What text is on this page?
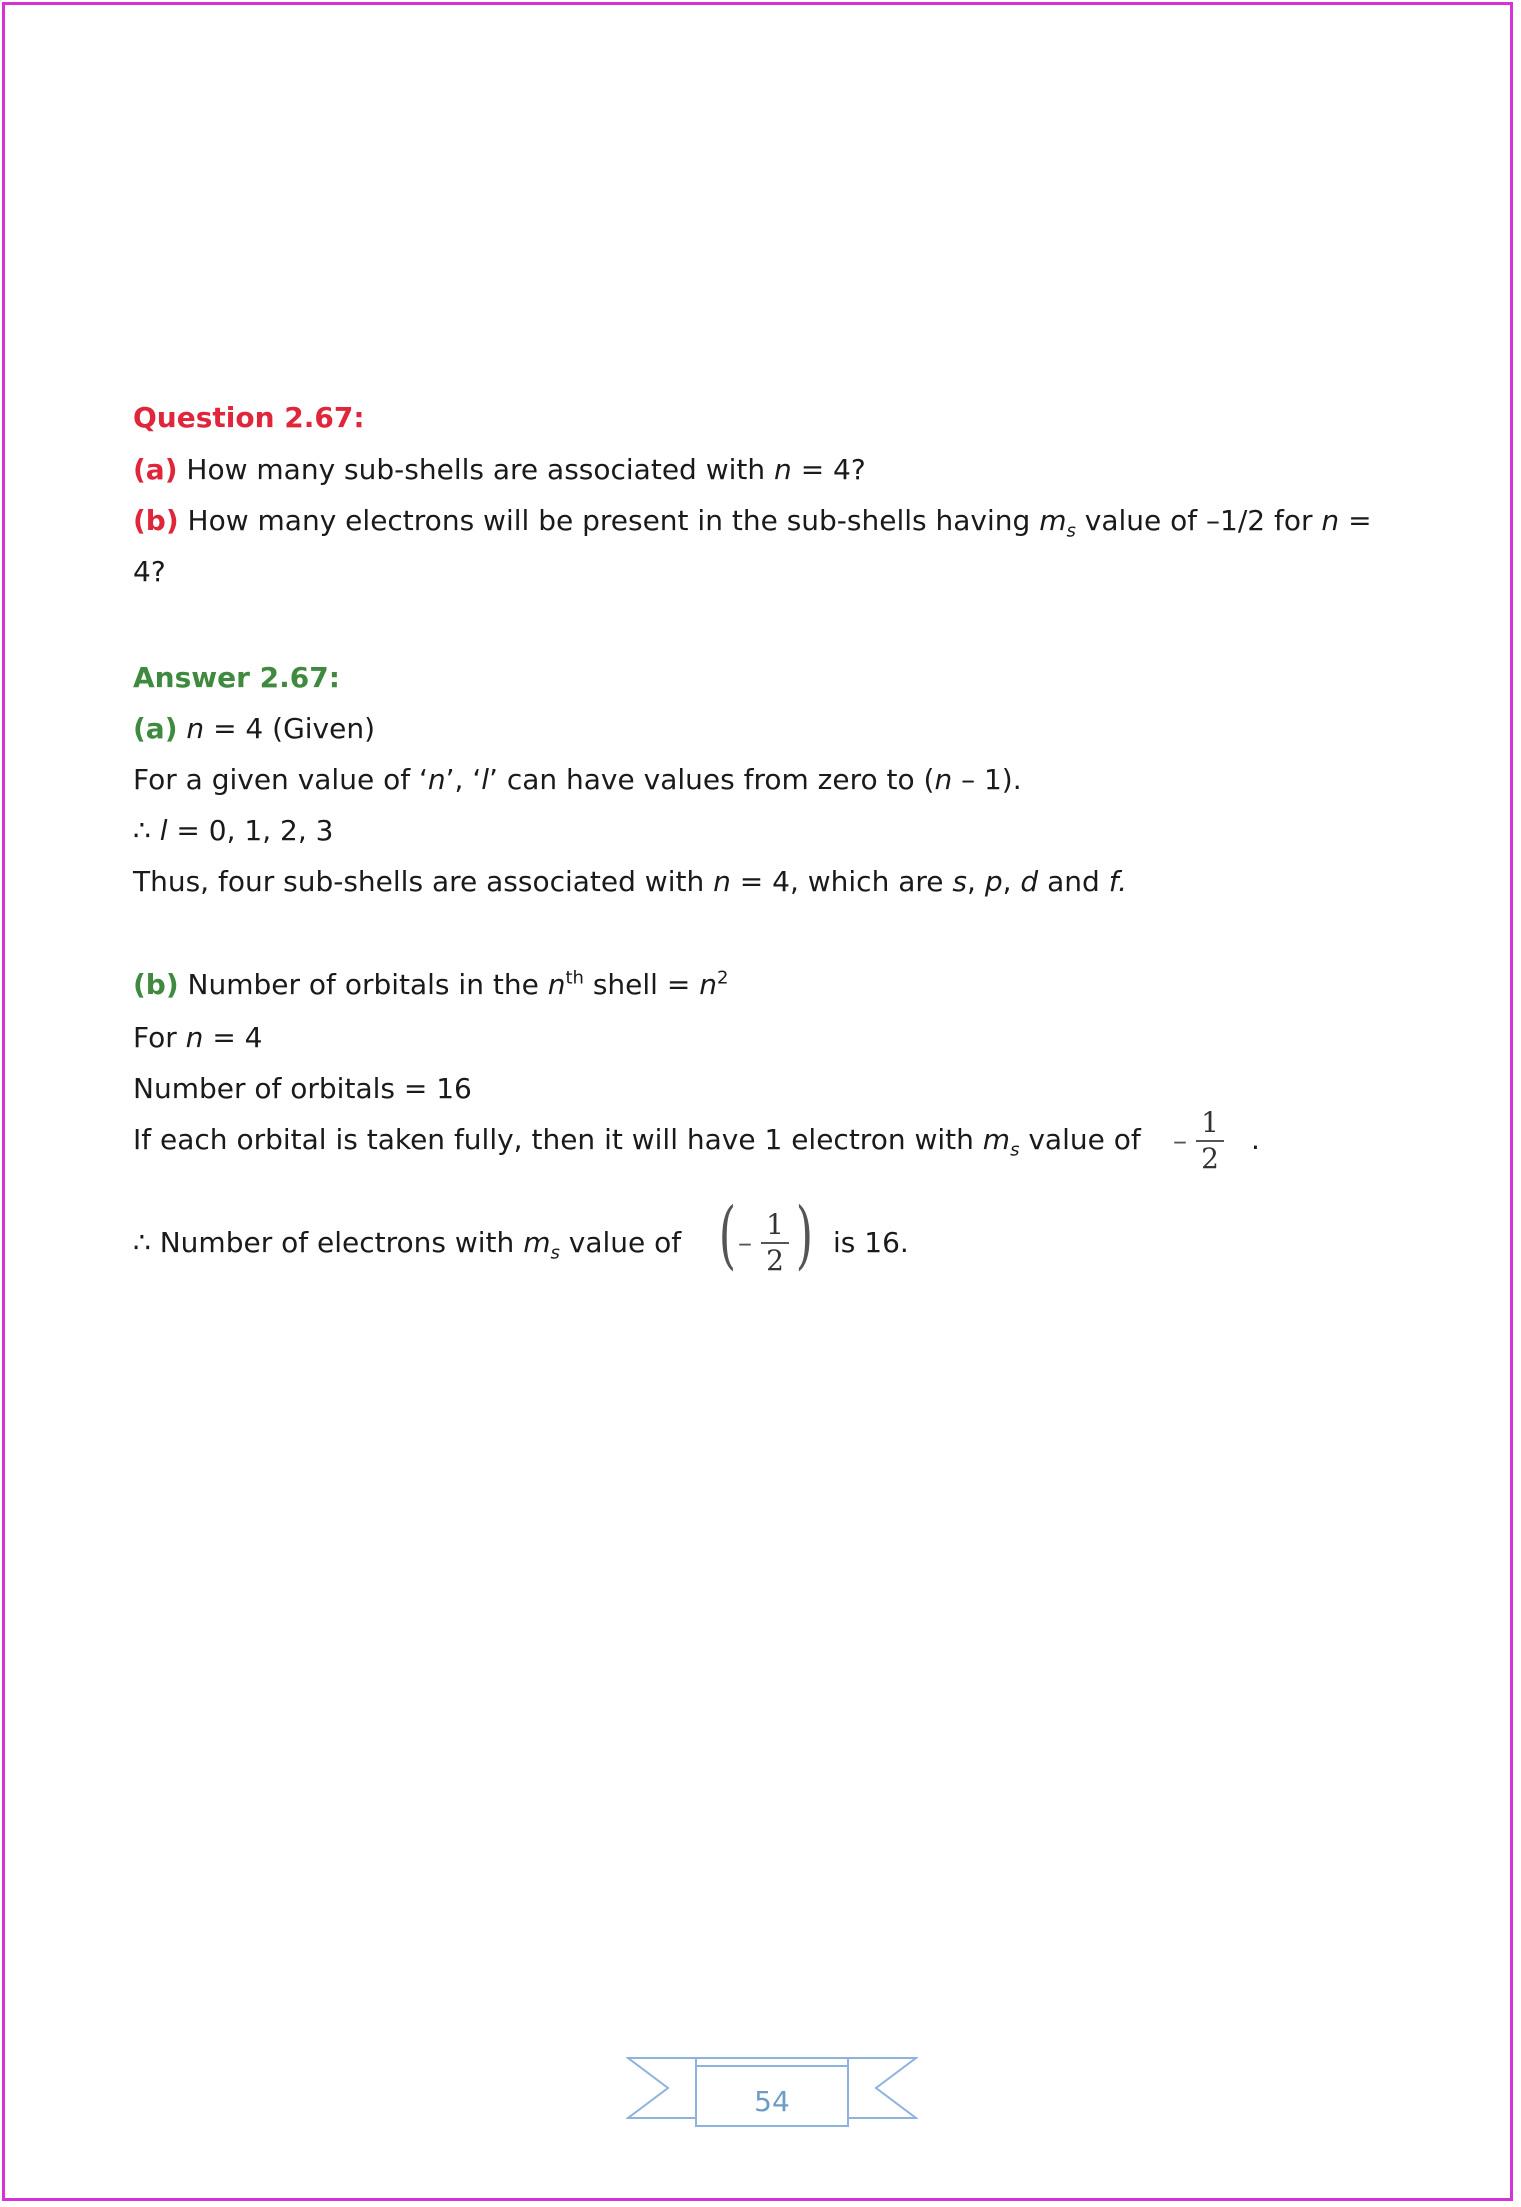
Question 2.67:
(a) How many sub-shells are associated with n = 4?
(b) How many electrons will be present in the sub-shells having $m_s$ value of –1/2 for n =
4?
Answer 2.67:
(a) n = 4 (Given)
For a given value of ‘n’, ‘l’ can have values from zero to (n – 1).
∴ l = 0, 1, 2, 3
Thus, four sub-shells are associated with n = 4, which are s, p, d and f.
(b) Number of orbitals in the $n^{th}$ shell = $n^2$
For n = 4
Number of orbitals = 16
If each orbital is taken fully, then it will have 1 electron with $m_s$ value of –
1
2
.
∴ Number of electrons with $m_s$ value of ( –
1
2 ) is 16.
54
